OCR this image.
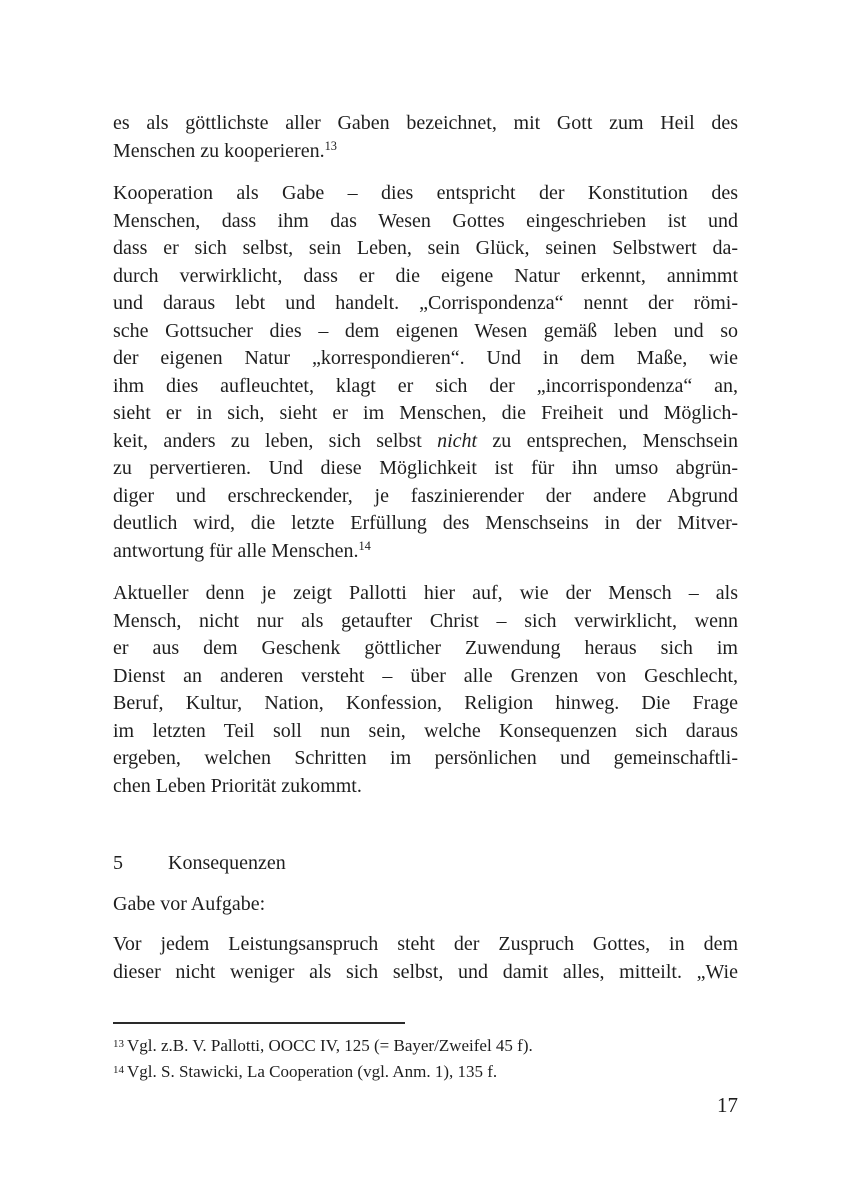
es als göttlichste aller Gaben bezeichnet, mit Gott zum Heil des
Menschen zu kooperieren.$^{13}$
Kooperation als Gabe – dies entspricht der Konstitution des
Menschen, dass ihm das Wesen Gottes eingeschrieben ist und
dass er sich selbst, sein Leben, sein Glück, seinen Selbstwert da-
durch verwirklicht, dass er die eigene Natur erkennt, annimmt
und daraus lebt und handelt. „Corrispondenza“ nennt der römi-
sche Gottsucher dies – dem eigenen Wesen gemäß leben und so
der eigenen Natur „korrespondieren“. Und in dem Maße, wie
ihm dies aufleuchtet, klagt er sich der „incorrispondenza“ an,
sieht er in sich, sieht er im Menschen, die Freiheit und Möglich-
keit, anders zu leben, sich selbst nicht zu entsprechen, Menschsein
zu pervertieren. Und diese Möglichkeit ist für ihn umso abgrün-
diger und erschreckender, je faszinierender der andere Abgrund
deutlich wird, die letzte Erfüllung des Menschseins in der Mitver-
antwortung für alle Menschen.$^{14}$
Aktueller denn je zeigt Pallotti hier auf, wie der Mensch – als
Mensch, nicht nur als getaufter Christ – sich verwirklicht, wenn
er aus dem Geschenk göttlicher Zuwendung heraus sich im
Dienst an anderen versteht – über alle Grenzen von Geschlecht,
Beruf, Kultur, Nation, Konfession, Religion hinweg. Die Frage
im letzten Teil soll nun sein, welche Konsequenzen sich daraus
ergeben, welchen Schritten im persönlichen und gemeinschaftli-
chen Leben Priorität zukommt.
5 Konsequenzen
Gabe vor Aufgabe:
Vor jedem Leistungsanspruch steht der Zuspruch Gottes, in dem
dieser nicht weniger als sich selbst, und damit alles, mitteilt. „Wie
$^{13}$ Vgl. z.B. V. Pallotti, OOCC IV, 125 (= Bayer/Zweifel 45 f).
$^{14}$ Vgl. S. Stawicki, La Cooperation (vgl. Anm. 1), 135 f.
17
